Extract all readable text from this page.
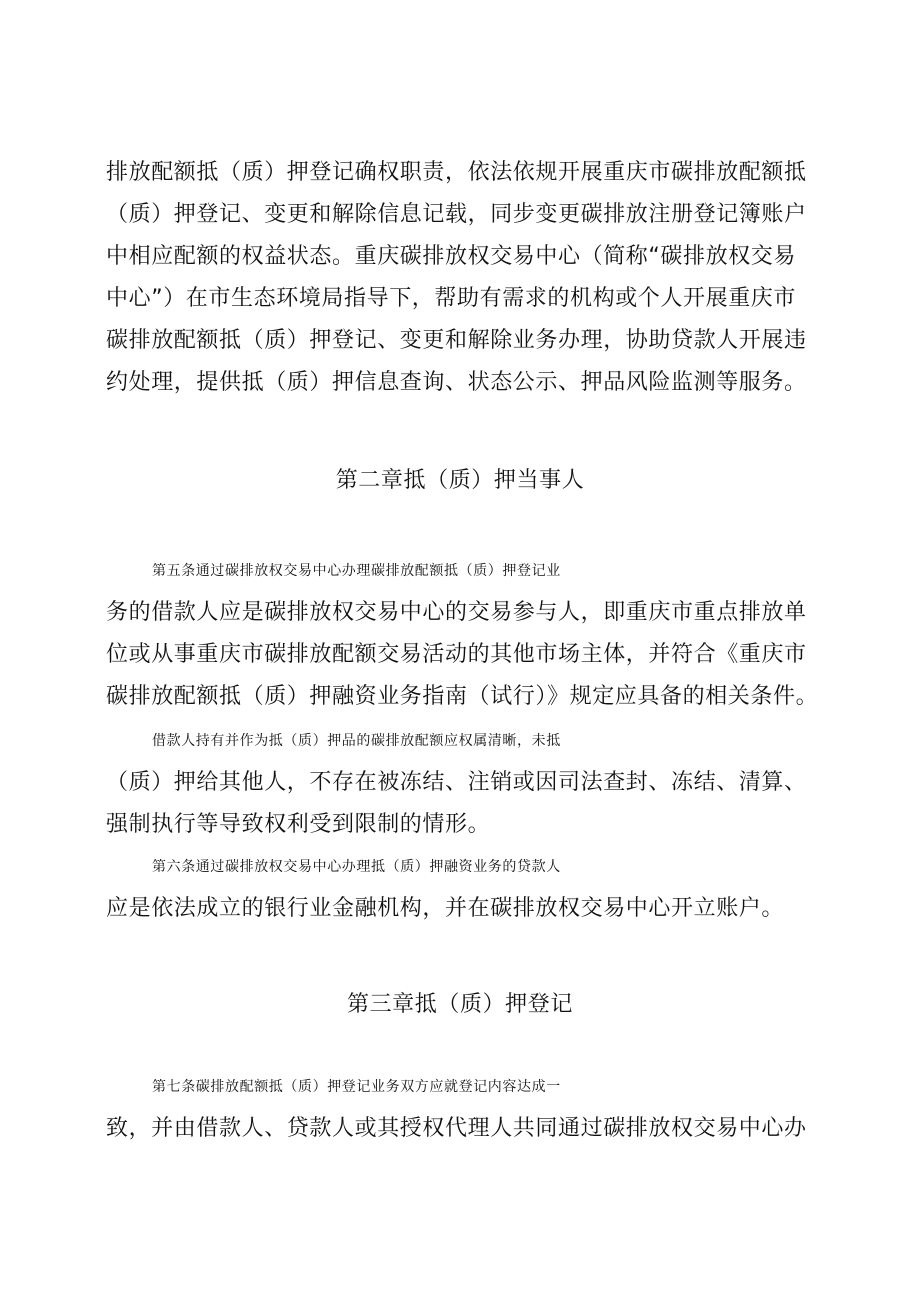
排放配额抵（质）押登记确权职责，依法依规开展重庆市碳排放配额抵
（质）押登记、变更和解除信息记载，同步变更碳排放注册登记簿账户
中相应配额的权益状态。重庆碳排放权交易中心（简称“碳排放权交易
中心”）在市生态环境局指导下，帮助有需求的机构或个人开展重庆市
碳排放配额抵（质）押登记、变更和解除业务办理，协助贷款人开展违
约处理，提供抵（质）押信息查询、状态公示、押品风险监测等服务。
第二章抵（质）押当事人
第五条通过碳排放权交易中心办理碳排放配额抵（质）押登记业
务的借款人应是碳排放权交易中心的交易参与人，即重庆市重点排放单
位或从事重庆市碳排放配额交易活动的其他市场主体，并符合《重庆市
碳排放配额抵（质）押融资业务指南（试行）》规定应具备的相关条件。
借款人持有并作为抵（质）押品的碳排放配额应权属清晰，未抵
（质）押给其他人，不存在被冻结、注销或因司法查封、冻结、清算、
强制执行等导致权利受到限制的情形。
第六条通过碳排放权交易中心办理抵（质）押融资业务的贷款人
应是依法成立的银行业金融机构，并在碳排放权交易中心开立账户。
第三章抵（质）押登记
第七条碳排放配额抵（质）押登记业务双方应就登记内容达成一
致，并由借款人、贷款人或其授权代理人共同通过碳排放权交易中心办
